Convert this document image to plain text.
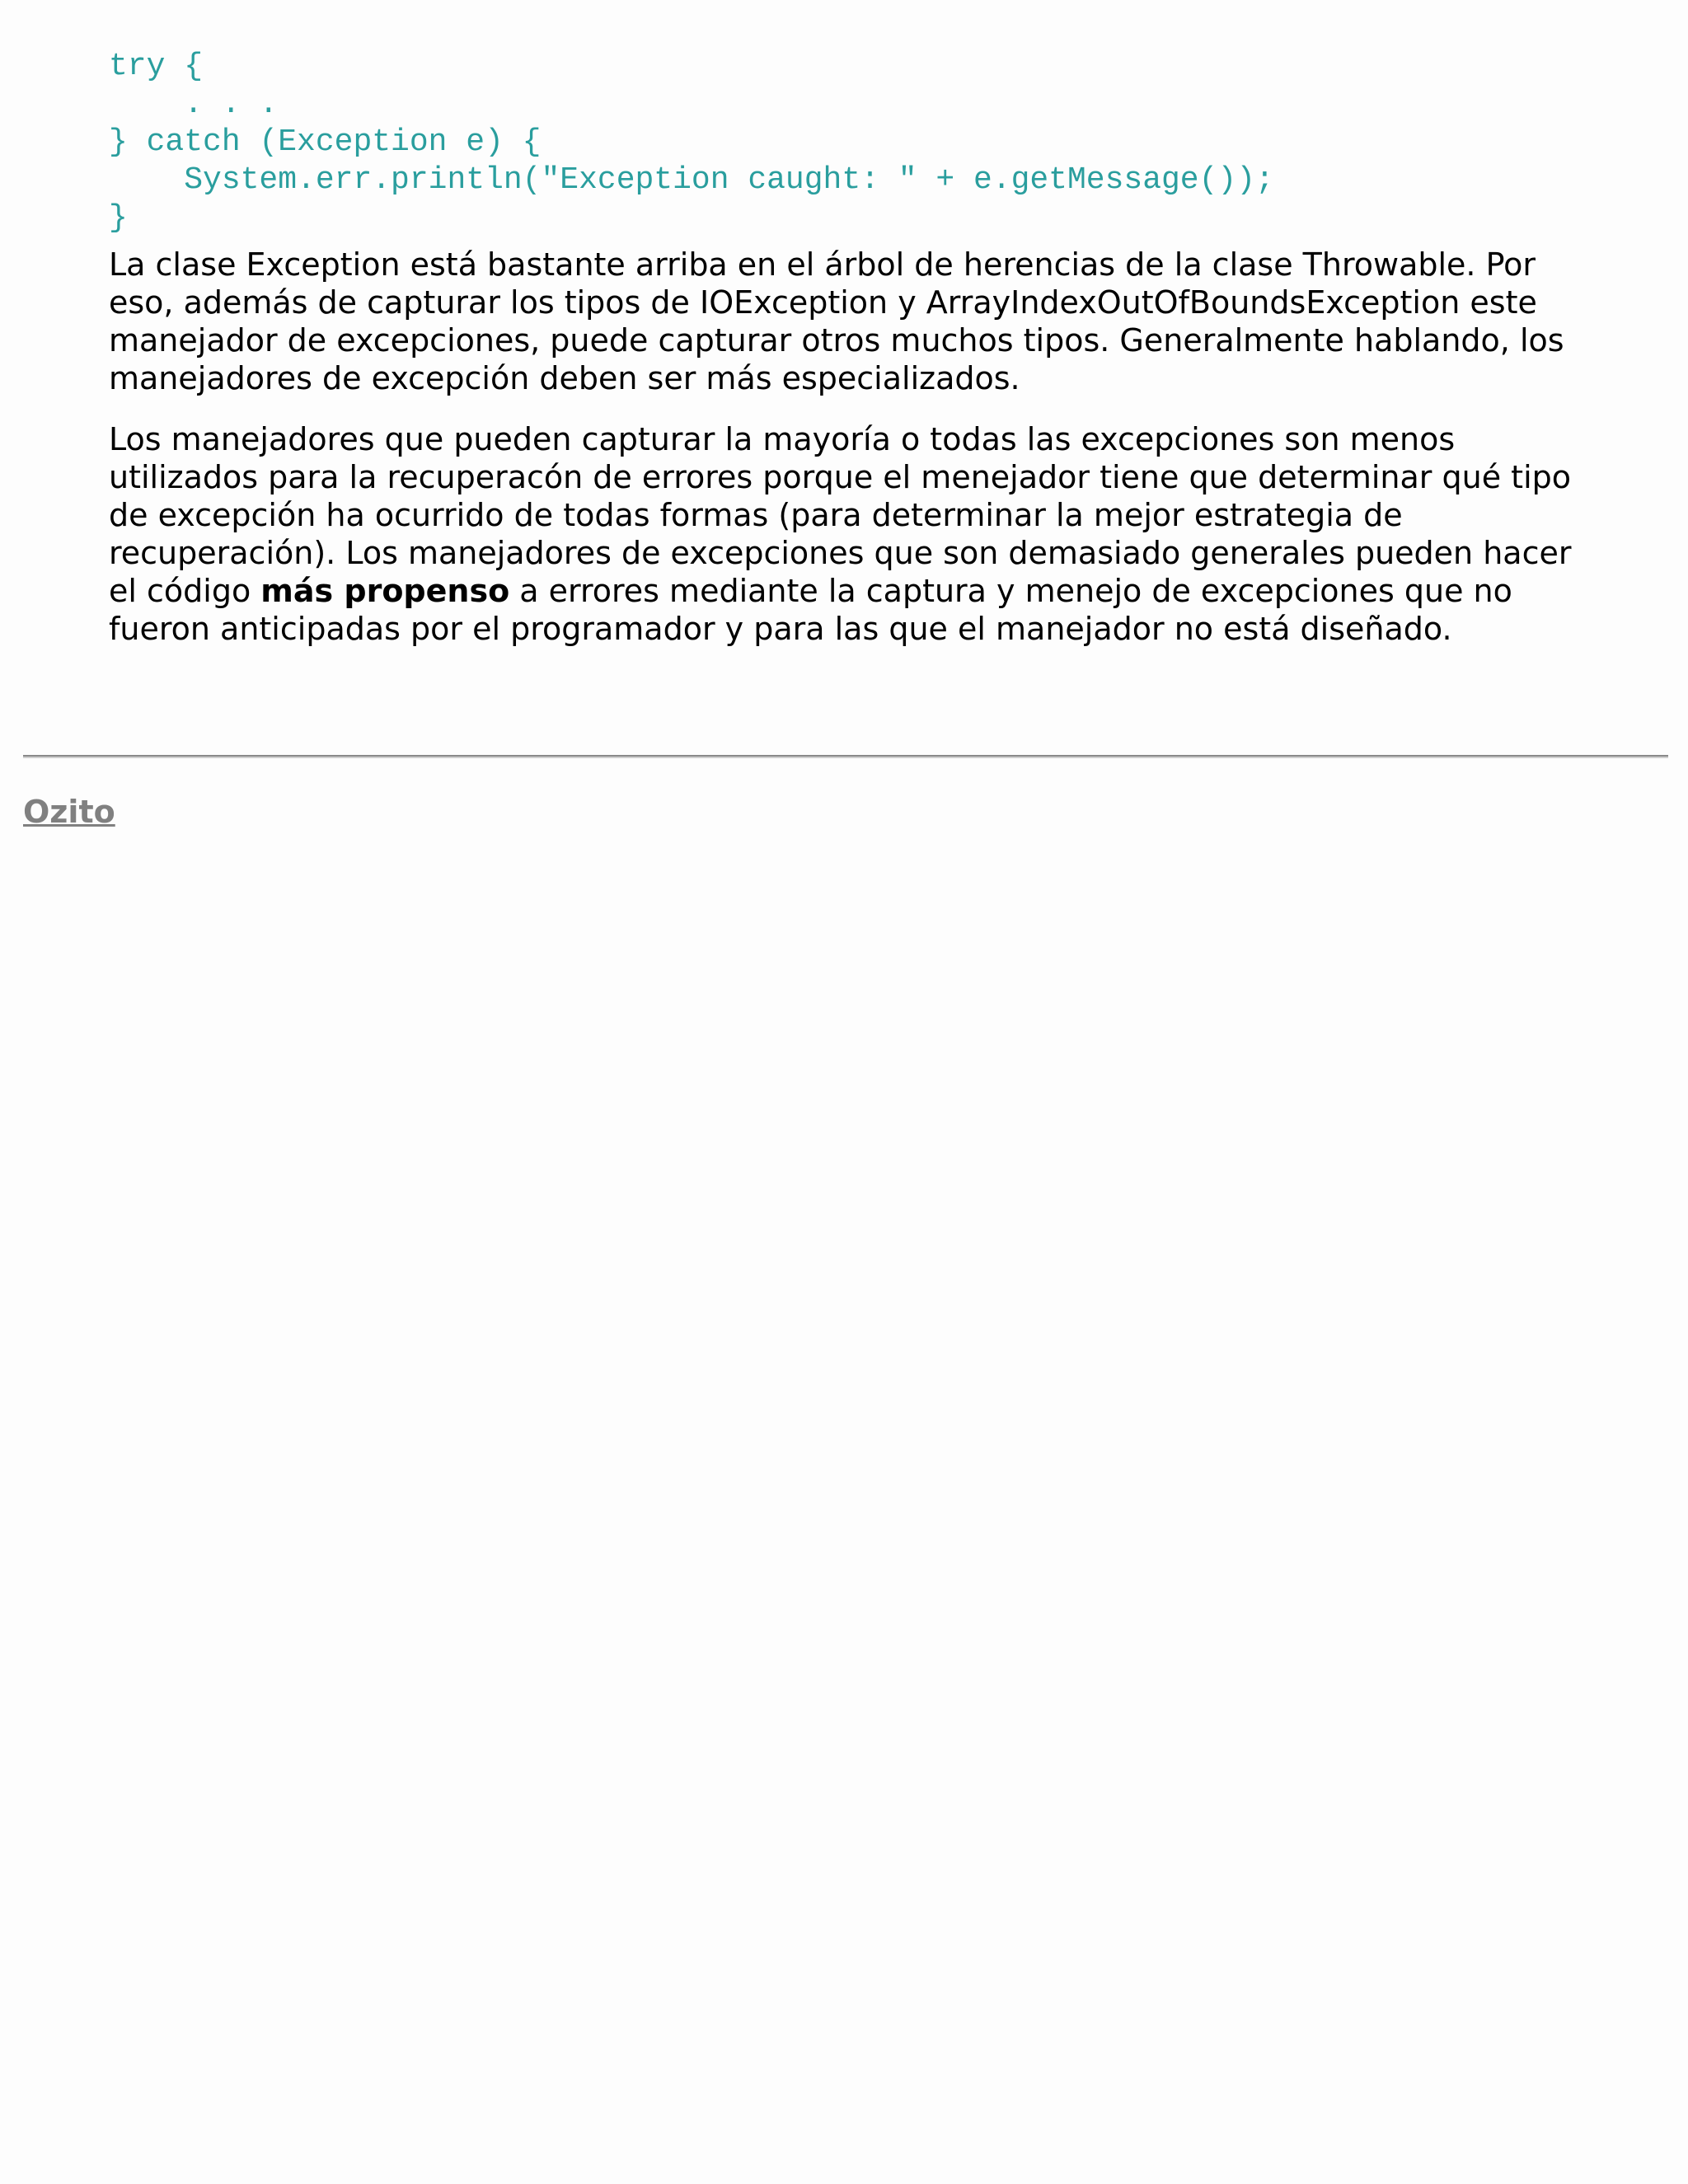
try {
. . .
} catch (Exception e) {
System.err.println("Exception caught: " + e.getMessage());
}

La clase Exception está bastante arriba en el árbol de herencias de la clase Throwable. Por eso, además de capturar los tipos de IOException y ArrayIndexOutOfBoundsException este manejador de excepciones, puede capturar otros muchos tipos. Generalmente hablando, los manejadores de excepción deben ser más especializados.

Los manejadores que pueden capturar la mayoría o todas las excepciones son menos utilizados para la recuperacón de errores porque el menejador tiene que determinar qué tipo de excepción ha ocurrido de todas formas (para determinar la mejor estrategia de recuperación). Los manejadores de excepciones que son demasiado generales pueden hacer el código más propenso a errores mediante la captura y menejo de excepciones que no fueron anticipadas por el programador y para las que el manejador no está diseñado.

Ozito
